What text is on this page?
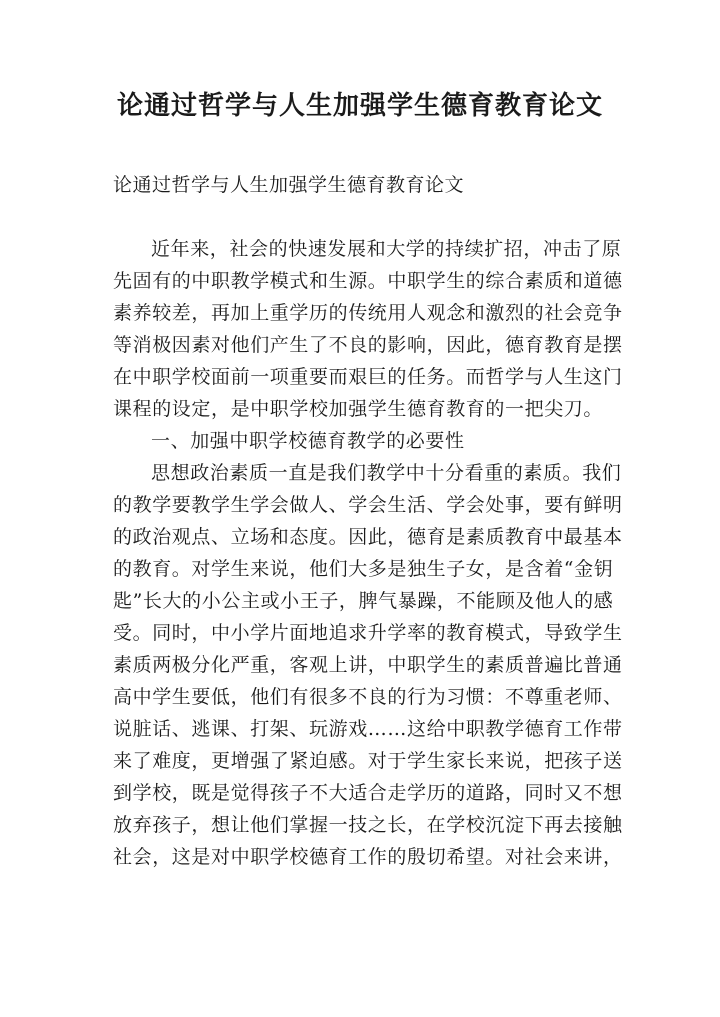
论通过哲学与人生加强学生德育教育论文

论通过哲学与人生加强学生德育教育论文

近年来，社会的快速发展和大学的持续扩招，冲击了原
先固有的中职教学模式和生源。中职学生的综合素质和道德
素养较差，再加上重学历的传统用人观念和激烈的社会竞争
等消极因素对他们产生了不良的影响，因此，德育教育是摆
在中职学校面前一项重要而艰巨的任务。而哲学与人生这门
课程的设定，是中职学校加强学生德育教育的一把尖刀。
一、加强中职学校德育教学的必要性
思想政治素质一直是我们教学中十分看重的素质。我们
的教学要教学生学会做人、学会生活、学会处事，要有鲜明
的政治观点、立场和态度。因此，德育是素质教育中最基本
的教育。对学生来说，他们大多是独生子女，是含着“金钥
匙”长大的小公主或小王子，脾气暴躁，不能顾及他人的感
受。同时，中小学片面地追求升学率的教育模式，导致学生
素质两极分化严重，客观上讲，中职学生的素质普遍比普通
高中学生要低，他们有很多不良的行为习惯：不尊重老师、
说脏话、逃课、打架、玩游戏……这给中职教学德育工作带
来了难度，更增强了紧迫感。对于学生家长来说，把孩子送
到学校，既是觉得孩子不大适合走学历的道路，同时又不想
放弃孩子，想让他们掌握一技之长，在学校沉淀下再去接触
社会，这是对中职学校德育工作的殷切希望。对社会来讲，
